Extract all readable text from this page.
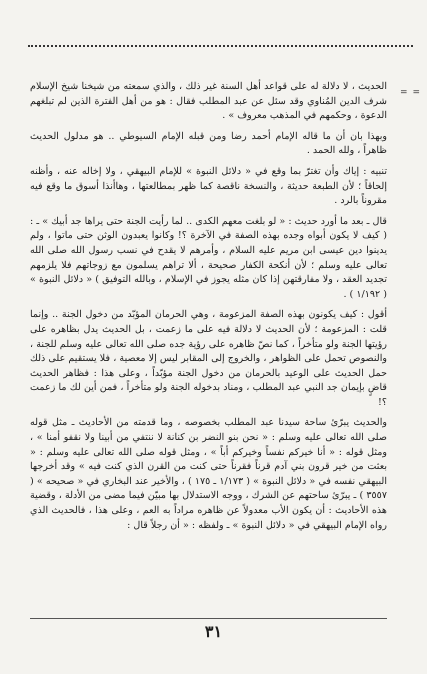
= =

الحديث ، لا دلالة له على قواعد أهل السنة غير ذلك ، والذي سمعته من شيخنا شيخ الإسلام شرف الدين المُناوي وقد سئل عن عبد المطلب فقال : هو من أهل الفترة الذين لم تبلغهم الدعوة ، وحكمهم في المذهب معروف » .

وبهذا بان أن ما قاله الإمام أحمد رضا ومن قبله الإمام السيوطي .. هو مدلول الحديث ظاهراً ، ولله الحمد .

تنبيه : إياك وأن تغترّ بما وقع في « دلائل النبوة » للإمام البيهقي ، ولا إخاله عنه ، وأظنه إلحاقاً ؛ لأن الطبعة حديثة ، والنسخة ناقصة كما ظهر بمطالعتها ، وهاأنذا أسوق ما وقع فيه مقروناً بالرد .

قال ـ بعد ما أورد حديث : « لو بلغت معهم الكدى .. لما رأيت الجنة حتى يراها جد أبيك » ـ : ( كيف لا يكون أبواه وجده بهذه الصفة في الآخرة ؟! وكانوا يعبدون الوثن حتى ماتوا ، ولم يدينوا دين عيسى ابن مريم عليه السلام ، وأمرهم لا يقدح في نسب رسول الله صلى الله تعالى عليه وسلم ؛ لأن أنكحة الكفار صحيحة ، ألا تراهم يسلمون مع زوجاتهم فلا يلزمهم تجديد العقد ، ولا مفارقتهن إذا كان مثله يجوز في الإسلام ، وبالله التوفيق ) « دلائل النبوة » ( ١/١٩٢ ) .

أقول : كيف يكونون بهذه الصفة المزعومة ، وهي الحرمان المؤبّد من دخول الجنة .. وإنما قلت : المزعومة ؛ لأن الحديث لا دلالة فيه على ما زعمت ، بل الحديث يدل بظاهره على رؤيتها الجنة ولو متأخراً ، كما نصّ ظاهره على رؤية جده صلى الله تعالى عليه وسلم للجنة ، والنصوص تحمل على الظواهر ، والخروج إلى المقابر ليس إلا معصية ، فلا يستقيم على ذلك حمل الحديث على الوعيد بالحرمان من دخول الجنة مؤبّداً ، وعلى هذا : فظاهر الحديث قاضٍ بإيمان جد النبي عبد المطلب ، ومناد بدخوله الجنة ولو متأخراً ، فمن أين لك ما زعمت ؟!

والحديث يبرّئ ساحة سيدنا عبد المطلب بخصوصه ، وما قدمته من الأحاديث ـ مثل قوله صلى الله تعالى عليه وسلم : « نحن بنو النضر بن كنانة لا ننتفي من أبينا ولا نقفو أمنا » ، ومثل قوله : « أنا خيركم نفساً وخيركم أباً » ، ومثل قوله صلى الله تعالى عليه وسلم : « بعثت من خير قرون بني آدم قرناً فقرناً حتى كنت من القرن الذي كنت فيه » وقد أخرجها البيهقي نفسه في « دلائل النبوة » ( ١/١٧٣ ـ ١٧٥ ) ، والأخير عند البخاري في « صحيحه » ( ٣٥٥٧ ) ـ يبرّئ ساحتهم عن الشرك ، ووجه الاستدلال بها مبيّن فيما مضى من الأدلة ، وقضية هذه الأحاديث : أن يكون الأب معدولاً عن ظاهره مراداً به العم ، وعلى هذا ، فالحديث الذي رواه الإمام البيهقي في « دلائل النبوة » ـ ولفظه : « أن رجلاً قال :

٣١
